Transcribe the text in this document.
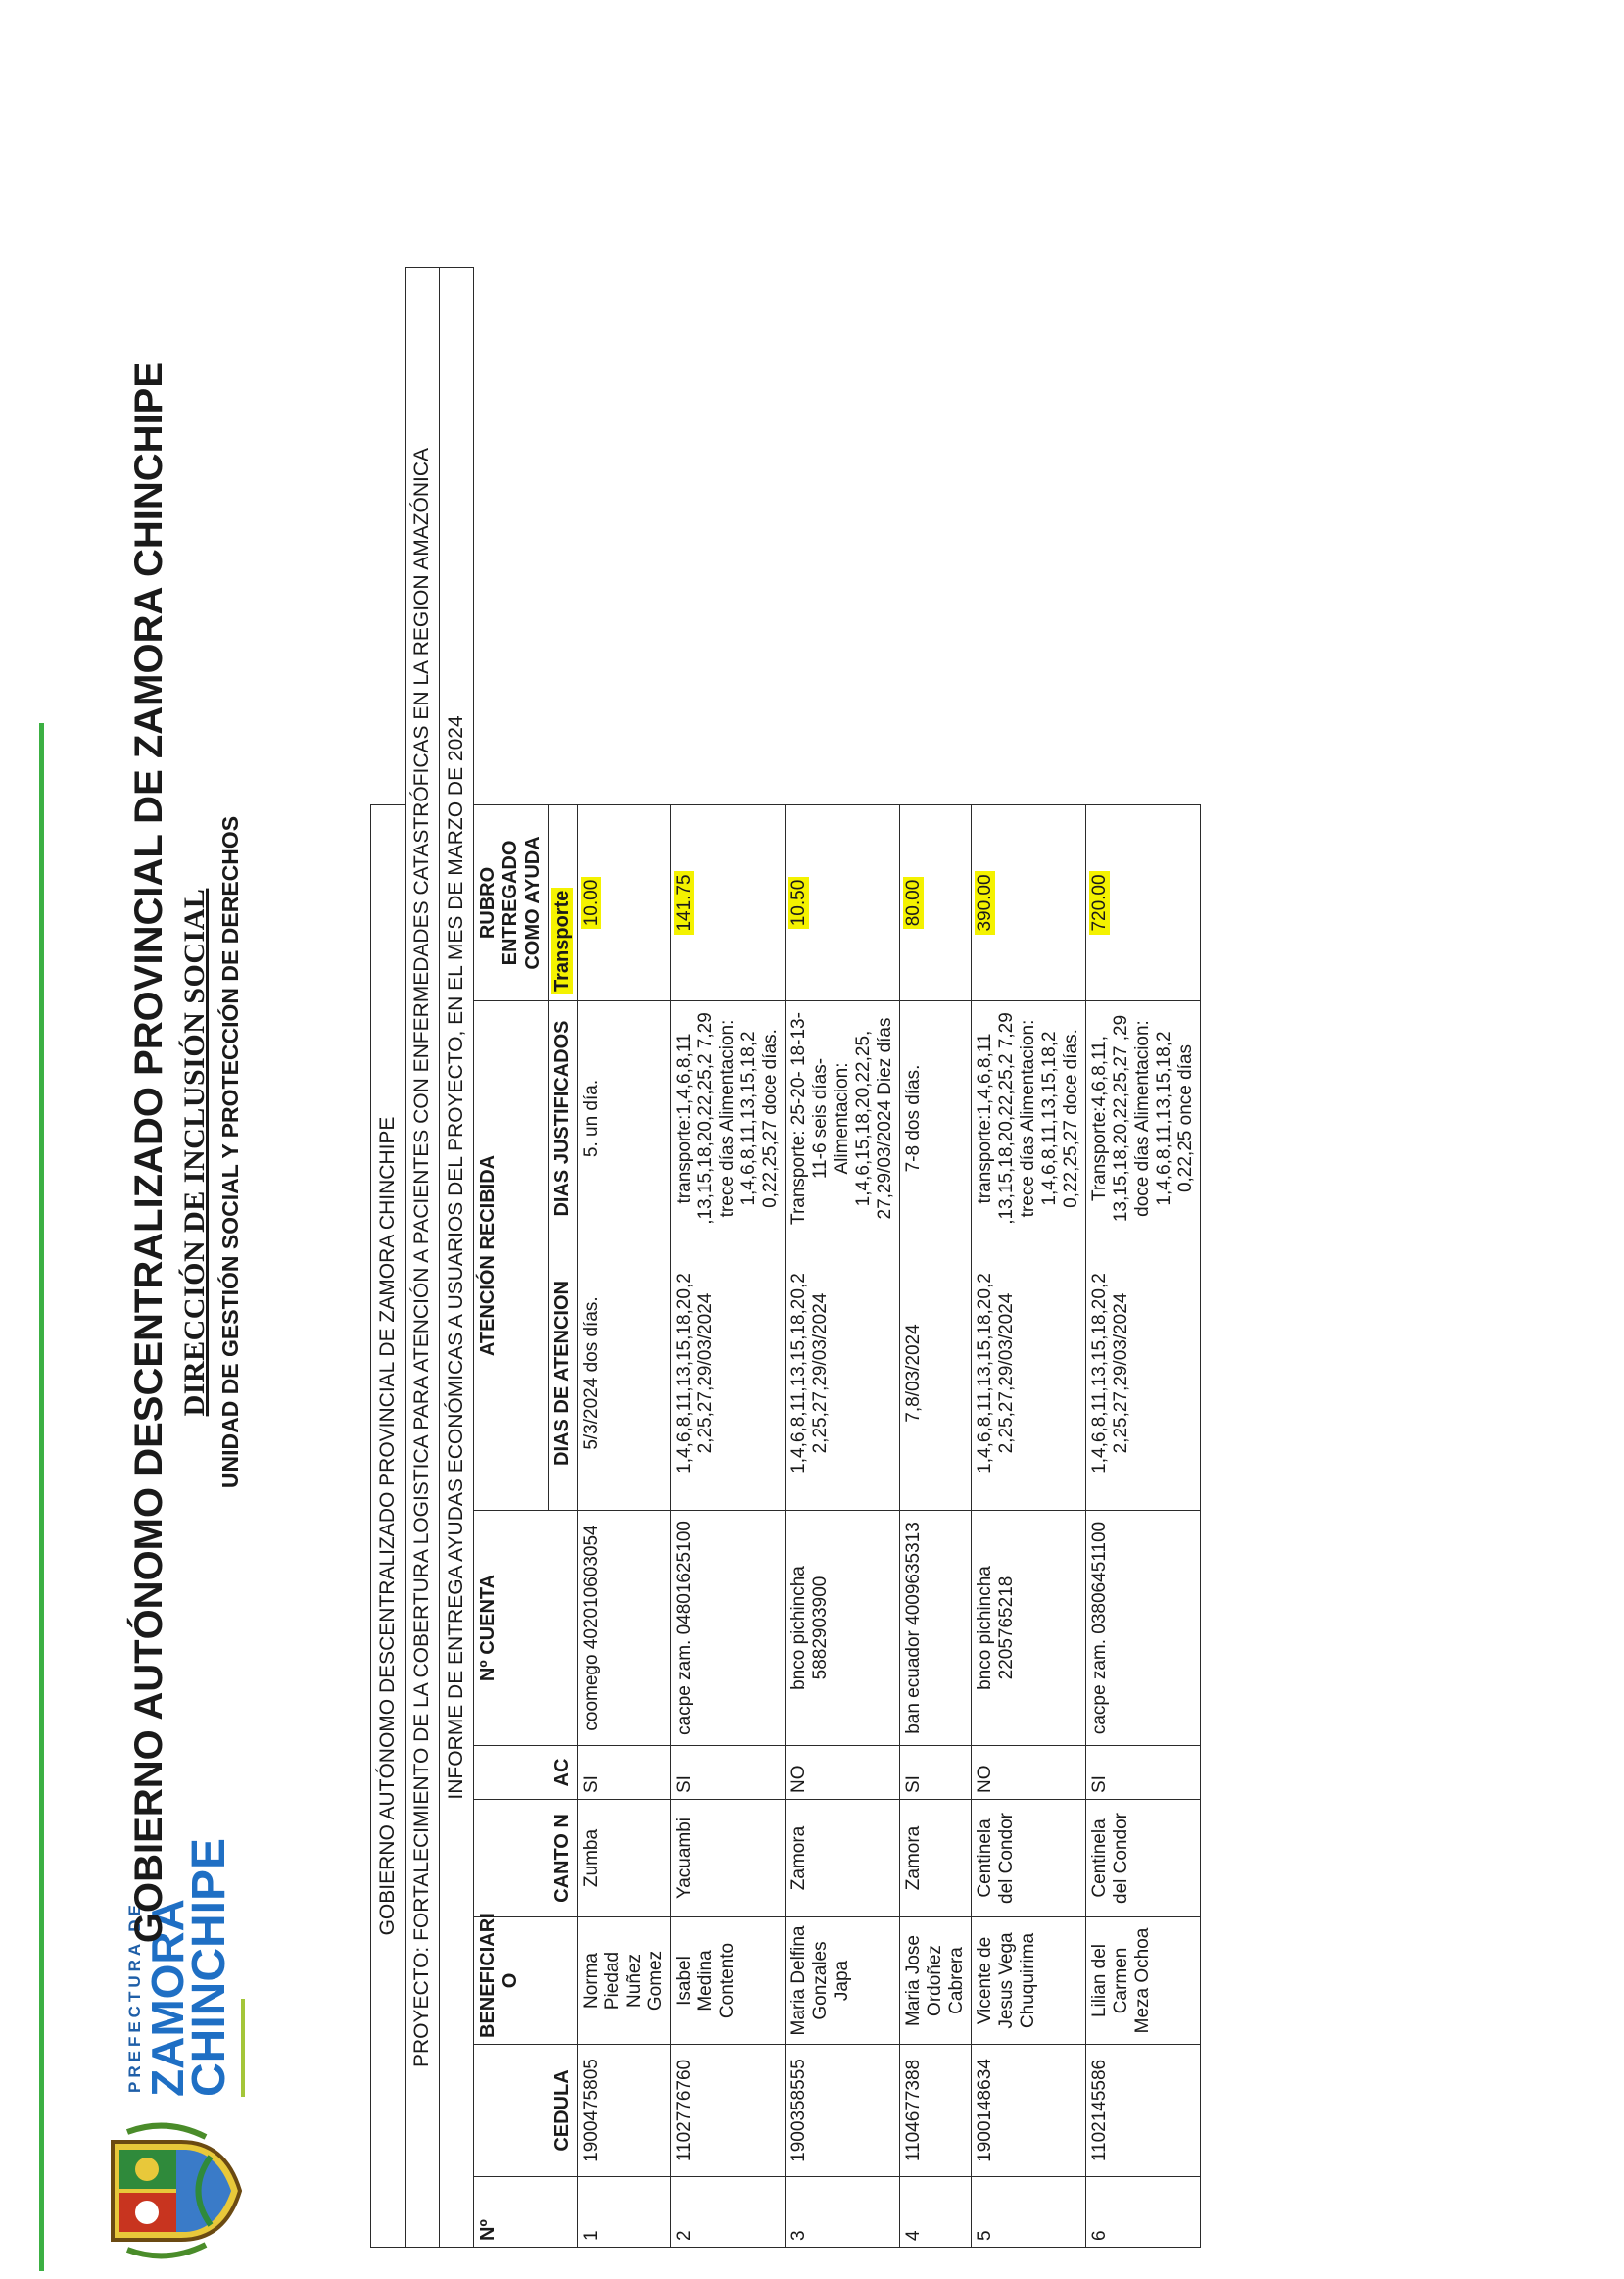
PREFECTURA DE
ZAMORA
CHINCHIPE
GOBIERNO AUTÓNOMO DESCENTRALIZADO PROVINCIAL DE ZAMORA CHINCHIPE DIRECCIÓN DE INCLUSIÓN SOCIAL UNIDAD DE GESTIÓN SOCIAL Y PROTECCIÓN DE DERECHOS	GOBIERNO AUTÓNOMO DESCENTRALIZADO PROVINCIAL DE ZAMORA CHINCHIPE									
PROYECTO: FORTALECIMIENTO DE LA COBERTURA LOGISTICA PARA ATENCIÓN A PACIENTES CON ENFERMEDADES CATASTRÓFICAS EN LA REGION AMAZÓNICA									
INFORME DE ENTREGA AYUDAS ECONÓMICAS A USUARIOS DEL PROYECTO, EN EL MES DE MARZO DE 2024									
Nº		BENEFICIARI O			Nº CUENTA	ATENCIÓN RECIBIDA		RUBRO ENTREGADO COMO AYUDA	
	CEDULA		CANTO N	AC		DIAS DE ATENCION	DIAS JUSTIFICADOS	Transporte	
1	1900475805	Norma Piedad Nuñez Gomez	Zumba	SI	coomego 402010603054	5/3/2024 dos días.	5. un día.	10.00	
2	1102776760	Isabel Medina Contento	Yacuambi	SI	cacpe zam. 04801625100	1,4,6,8,11,13,15,18,20,2 2,25,27,29/03/2024	transporte:1,4,6,8,11 ,13,15,18,20,22,25,2 7,29 trece días Alimentacion: 1,4,6,8,11,13,15,18,2 0,22,25,27 doce días.	141.75	
3	1900358555	Maria Delfina Gonzales Japa	Zamora	NO	bnco pichincha 5882903900	1,4,6,8,11,13,15,18,20,2 2,25,27,29/03/2024	Transporte: 25-20- 18-13-11-6 seis días- Alimentacion: 1,4,6,15,18,20,22,25, 27,29/03/2024 Diez días	10.50	
4	1104677388	Maria Jose Ordoñez Cabrera	Zamora	SI	ban ecuador 4009635313	7,8/03/2024	7-8 dos días.	80.00	
5	1900148634	Vicente de Jesus Vega Chuquirima	Centinela del Condor	NO	bnco pichincha 2205765218	1,4,6,8,11,13,15,18,20,2 2,25,27,29/03/2024	transporte:1,4,6,8,11 ,13,15,18,20,22,25,2 7,29 trece días Alimentacion: 1,4,6,8,11,13,15,18,2 0,22,25,27 doce días.	390.00	
6	1102145586	Lilian del Carmen Meza Ochoa	Centinela del Condor	SI	cacpe zam. 03806451100	1,4,6,8,11,13,15,18,20,2 2,25,27,29/03/2024	Transporte:4,6,8,11, 13,15,18,20,22,25,27 ,29 doce días Alimentacion: 1,4,6,8,11,13,15,18,2 0,22,25 once días	720.00	
